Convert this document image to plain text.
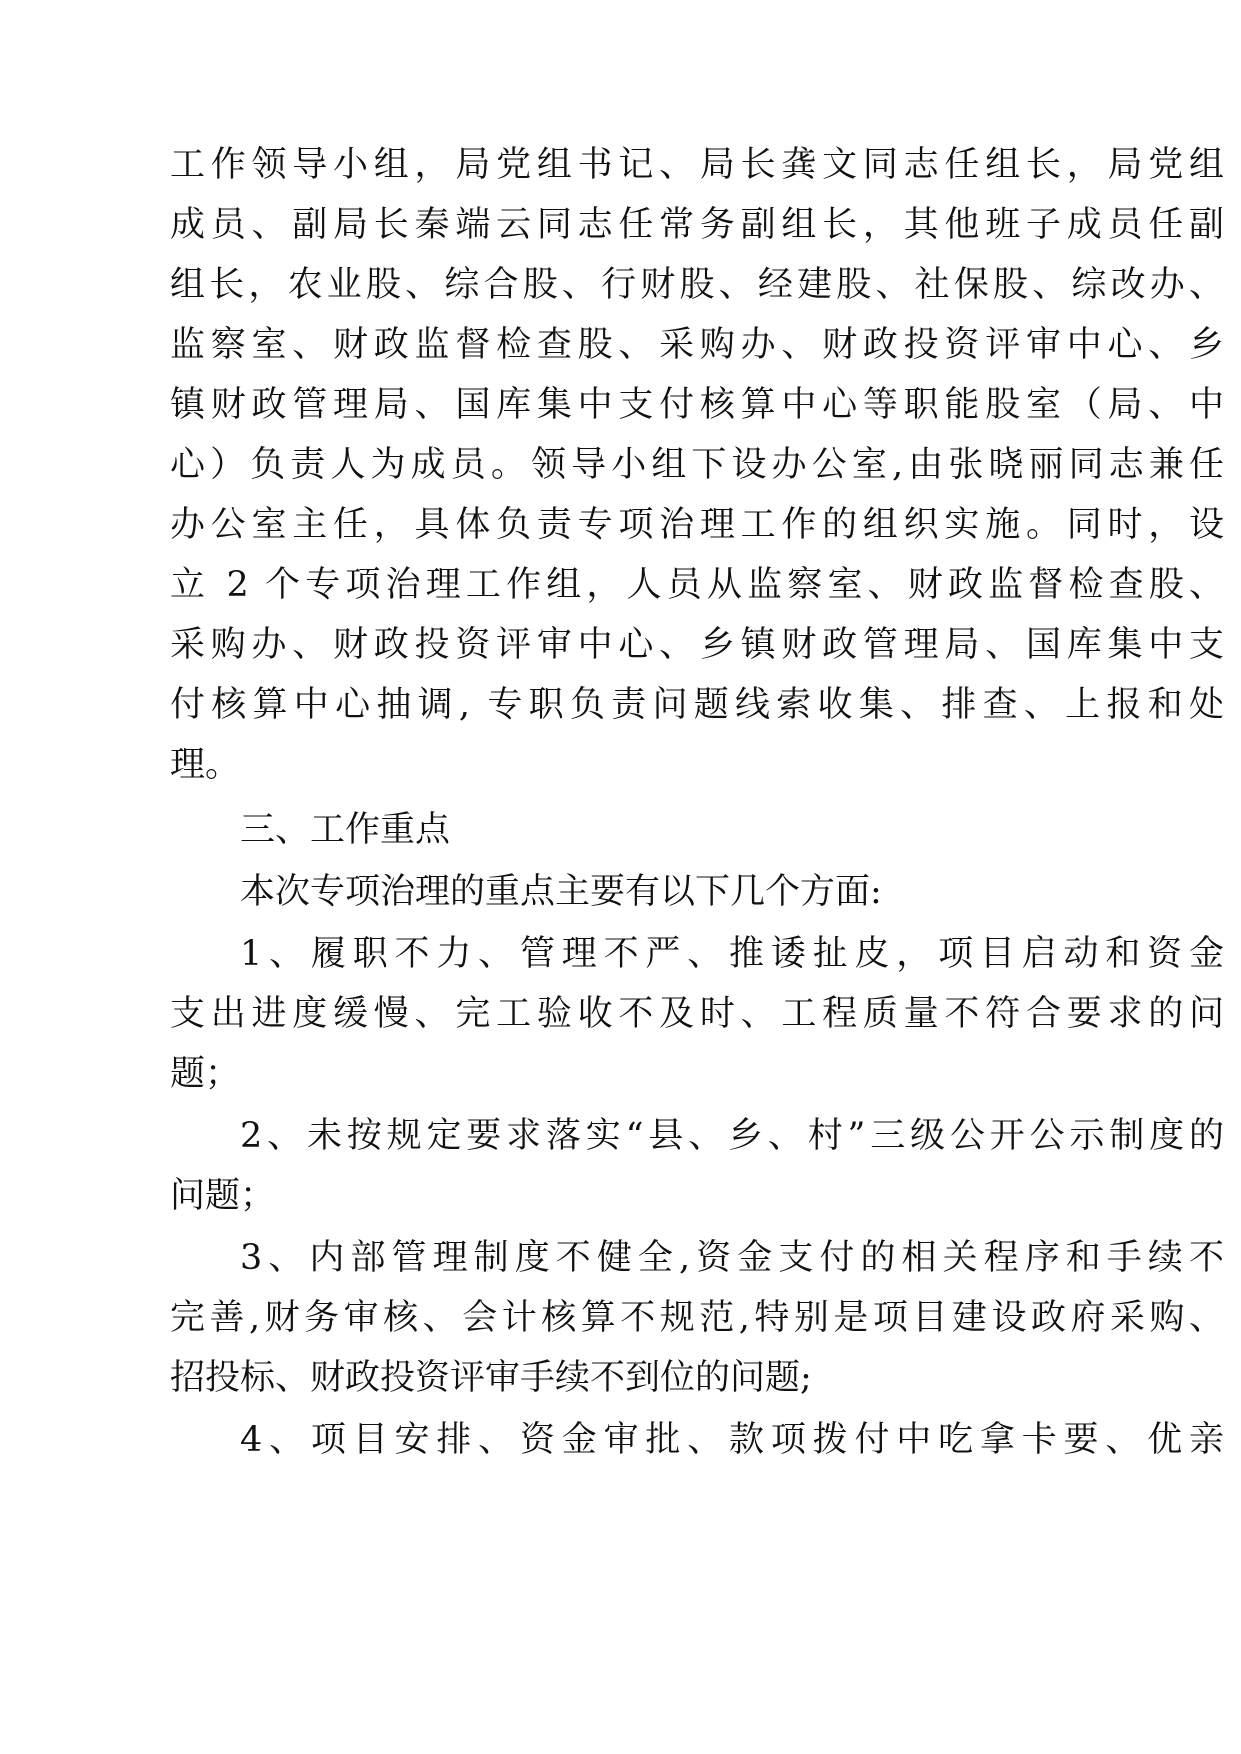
工作领导小组，局党组书记、局长龚文同志任组长，局党组
成员、副局长秦端云同志任常务副组长，其他班子成员任副
组长，农业股、综合股、行财股、经建股、社保股、综改办、
监察室、财政监督检查股、采购办、财政投资评审中心、乡
镇财政管理局、国库集中支付核算中心等职能股室（局、中
心）负责人为成员。领导小组下设办公室,由张晓丽同志兼任
办公室主任，具体负责专项治理工作的组织实施。同时，设
立 2 个专项治理工作组，人员从监察室、财政监督检查股、
采购办、财政投资评审中心、乡镇财政管理局、国库集中支
付核算中心抽调, 专职负责问题线索收集、排查、上报和处
理。
三、工作重点
本次专项治理的重点主要有以下几个方面:
1、履职不力、管理不严、推诿扯皮，项目启动和资金
支出进度缓慢、完工验收不及时、工程质量不符合要求的问
题；
2、未按规定要求落实“县、乡、村”三级公开公示制度的
问题；
3、内部管理制度不健全,资金支付的相关程序和手续不
完善,财务审核、会计核算不规范,特别是项目建设政府采购、
招投标、财政投资评审手续不到位的问题;
4、项目安排、资金审批、款项拨付中吃拿卡要、优亲
